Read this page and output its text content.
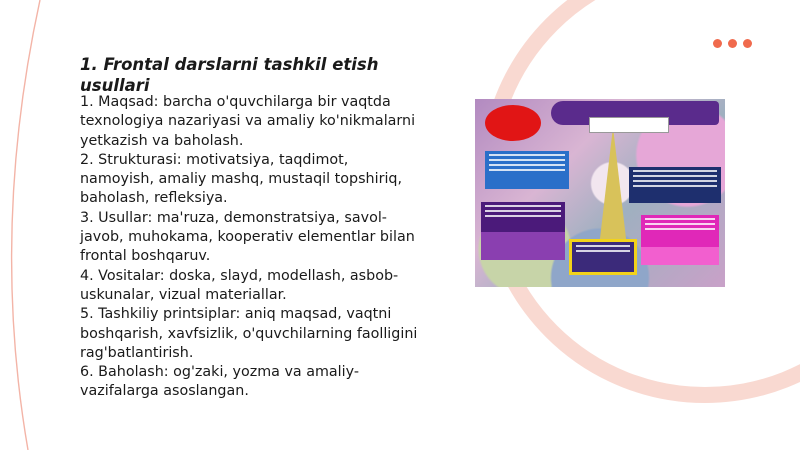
1. Frontal darslarni tashkil etish usullari

1. Maqsad: barcha o'quvchilarga bir vaqtda texnologiya nazariyasi va amaliy ko'nikmalarni yetkazish va baholash.

2. Strukturasi: motivatsiya, taqdimot, namoyish, amaliy mashq, mustaqil topshiriq, baholash, refleksiya.

3. Usullar: ma'ruza, demonstratsiya, savol-javob, muhokama, kooperativ elementlar bilan frontal boshqaruv.

4. Vositalar: doska, slayd, modellash, asbob-uskunalar, vizual materiallar.

5. Tashkiliy printsiplar: aniq maqsad, vaqtni boshqarish, xavfsizlik, o'quvchilarning faolligini rag'batlantirish.

6. Baholash: og'zaki, yozma va amaliy-vazifalarga asoslangan.
